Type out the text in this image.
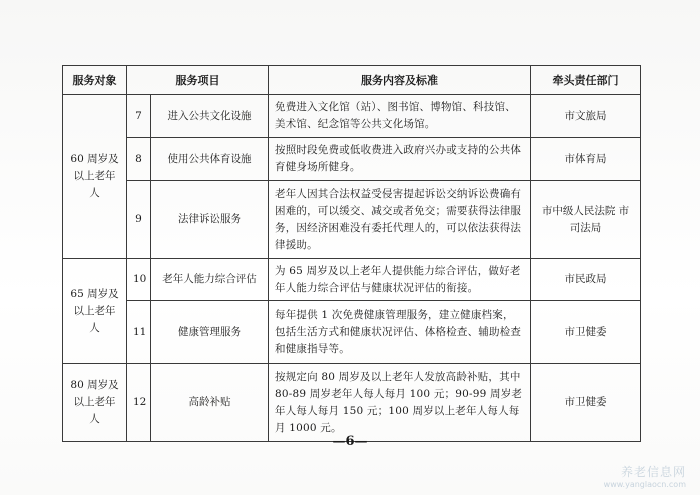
服务对象	服务项目		服务内容及标准	牵头责任部门
60 周岁及以上老年人	7	进入公共文化设施	免费进入文化馆（站）、图书馆、博物馆、科技馆、美术馆、纪念馆等公共文化场馆。	市文旅局
	8	使用公共体育设施	按照时段免费或低收费进入政府兴办或支持的公共体育健身场所健身。	市体育局
	9	法律诉讼服务	老年人因其合法权益受侵害提起诉讼交纳诉讼费确有困难的，可以缓交、减交或者免交；需要获得法律服务，因经济困难没有委托代理人的，可以依法获得法律援助。	市中级人民法院 市司法局
65 周岁及以上老年人	10	老年人能力综合评估	为 65 周岁及以上老年人提供能力综合评估，做好老年人能力综合评估与健康状况评估的衔接。	市民政局
	11	健康管理服务	每年提供 1 次免费健康管理服务，建立健康档案，包括生活方式和健康状况评估、体格检查、辅助检查和健康指导等。	市卫健委
80 周岁及以上老年人	12	高龄补贴	按规定向 80 周岁及以上老年人发放高龄补贴，其中 80-89 周岁老年人每人每月 100 元；90-99 周岁老年人每人每月 150 元；100 周岁以上老年人每人每月 1000 元。	市卫健委
—6—
养老信息网
www.yanglaocn.com
